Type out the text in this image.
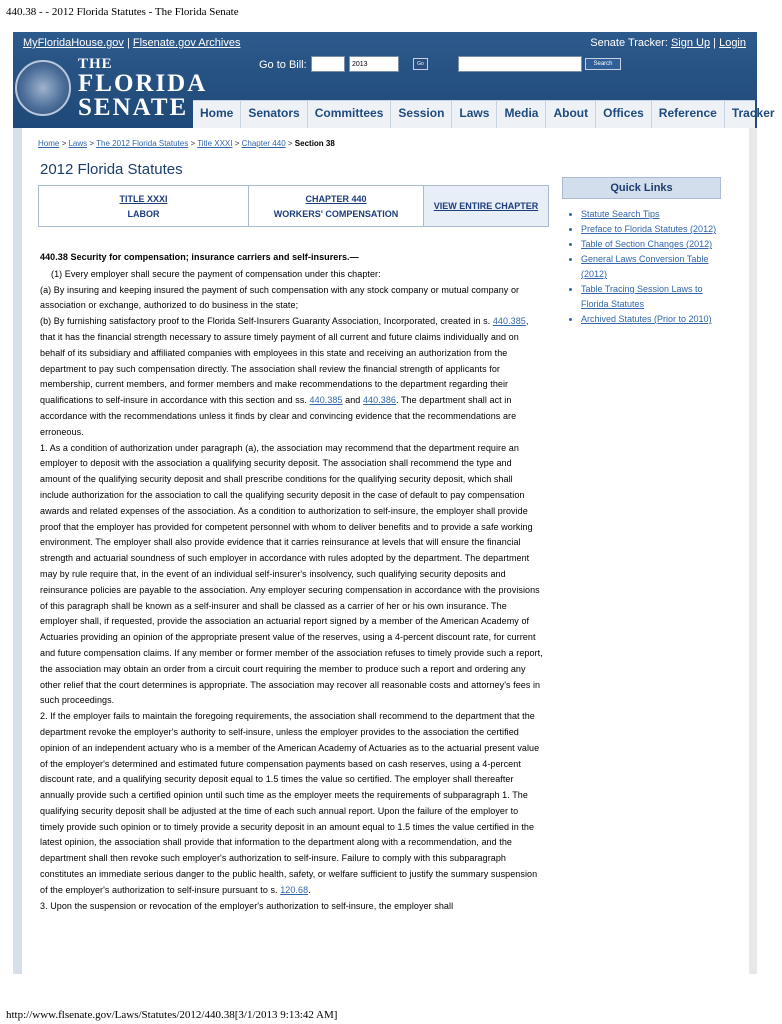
440.38 - - 2012 Florida Statutes - The Florida Senate
MyFloridaHouse.gov | Flsenate.gov Archives	Senate Tracker: Sign Up | Login
THE
FLORIDA
SENATE
Go to Bill:	2013	Go	Search
Home	Senators	Committees	Session	Laws	Media	About	Offices	Reference	Tracker
Home > Laws > The 2012 Florida Statutes > Title XXXI > Chapter 440 > Section 38
2012 Florida Statutes
TITLE XXXI
LABOR
CHAPTER 440
WORKERS' COMPENSATION
VIEW ENTIRE CHAPTER
440.38 Security for compensation; insurance carriers and self-insurers.—
(1) Every employer shall secure the payment of compensation under this chapter:
(a) By insuring and keeping insured the payment of such compensation with any stock company or mutual company or association or exchange, authorized to do business in the state;
(b) By furnishing satisfactory proof to the Florida Self-Insurers Guaranty Association, Incorporated, created in s. 440.385, that it has the financial strength necessary to assure timely payment of all current and future claims individually and on behalf of its subsidiary and affiliated companies with employees in this state and receiving an authorization from the department to pay such compensation directly. The association shall review the financial strength of applicants for membership, current members, and former members and make recommendations to the department regarding their qualifications to self-insure in accordance with this section and ss. 440.385 and 440.386. The department shall act in accordance with the recommendations unless it finds by clear and convincing evidence that the recommendations are erroneous.
1. As a condition of authorization under paragraph (a), the association may recommend that the department require an employer to deposit with the association a qualifying security deposit. The association shall recommend the type and amount of the qualifying security deposit and shall prescribe conditions for the qualifying security deposit, which shall include authorization for the association to call the qualifying security deposit in the case of default to pay compensation awards and related expenses of the association. As a condition to authorization to self-insure, the employer shall provide proof that the employer has provided for competent personnel with whom to deliver benefits and to provide a safe working environment. The employer shall also provide evidence that it carries reinsurance at levels that will ensure the financial strength and actuarial soundness of such employer in accordance with rules adopted by the department. The department may by rule require that, in the event of an individual self-insurer's insolvency, such qualifying security deposits and reinsurance policies are payable to the association. Any employer securing compensation in accordance with the provisions of this paragraph shall be known as a self-insurer and shall be classed as a carrier of her or his own insurance. The employer shall, if requested, provide the association an actuarial report signed by a member of the American Academy of Actuaries providing an opinion of the appropriate present value of the reserves, using a 4-percent discount rate, for current and future compensation claims. If any member or former member of the association refuses to timely provide such a report, the association may obtain an order from a circuit court requiring the member to produce such a report and ordering any other relief that the court determines is appropriate. The association may recover all reasonable costs and attorney's fees in such proceedings.
2. If the employer fails to maintain the foregoing requirements, the association shall recommend to the department that the department revoke the employer's authority to self-insure, unless the employer provides to the association the certified opinion of an independent actuary who is a member of the American Academy of Actuaries as to the actuarial present value of the employer's determined and estimated future compensation payments based on cash reserves, using a 4-percent discount rate, and a qualifying security deposit equal to 1.5 times the value so certified. The employer shall thereafter annually provide such a certified opinion until such time as the employer meets the requirements of subparagraph 1. The qualifying security deposit shall be adjusted at the time of each such annual report. Upon the failure of the employer to timely provide such opinion or to timely provide a security deposit in an amount equal to 1.5 times the value certified in the latest opinion, the association shall provide that information to the department along with a recommendation, and the department shall then revoke such employer's authorization to self-insure. Failure to comply with this subparagraph constitutes an immediate serious danger to the public health, safety, or welfare sufficient to justify the summary suspension of the employer's authorization to self-insure pursuant to s. 120.68.
3. Upon the suspension or revocation of the employer's authorization to self-insure, the employer shall
Quick Links
• Statute Search Tips
• Preface to Florida Statutes (2012)
• Table of Section Changes (2012)
• General Laws Conversion Table (2012)
• Table Tracing Session Laws to Florida Statutes
• Archived Statutes (Prior to 2010)
http://www.flsenate.gov/Laws/Statutes/2012/440.38[3/1/2013 9:13:42 AM]
